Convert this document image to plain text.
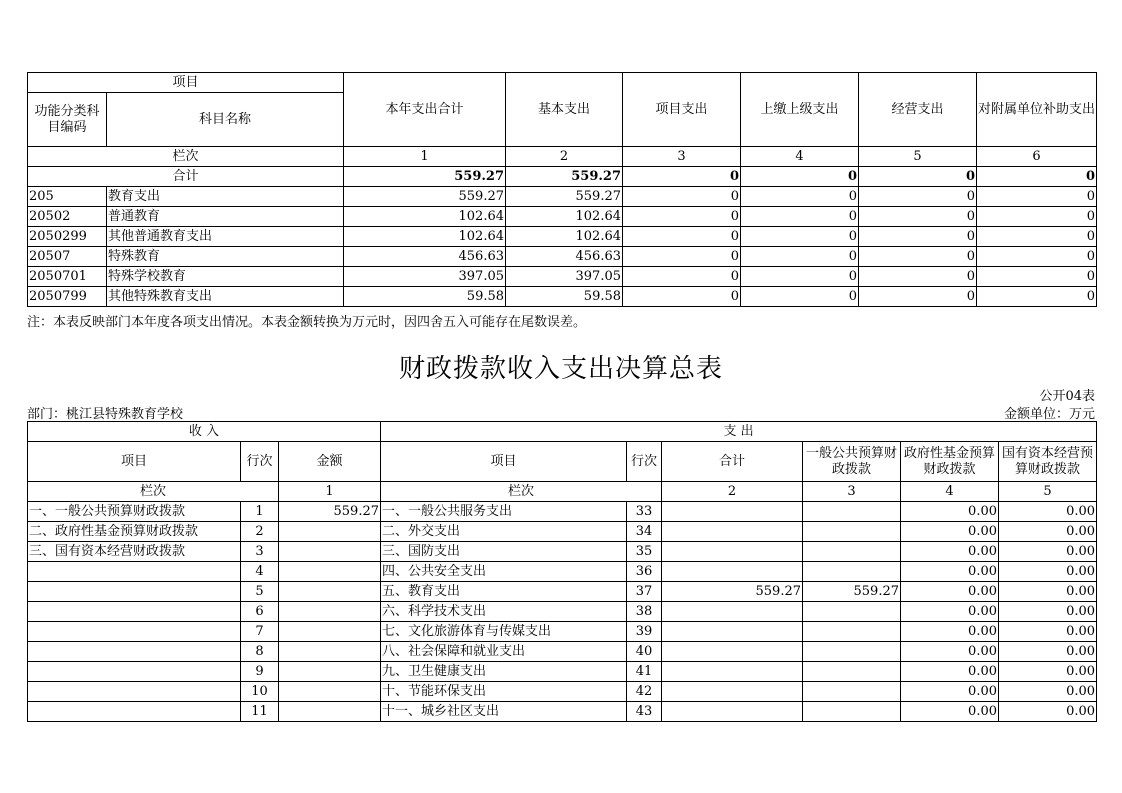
项目		本年支出合计	基本支出	项目支出	上缴上级支出	经营支出	对附属单位补助支出
功能分类科目编码	科目名称						
栏次		1	2	3	4	5	6
合计		559.27	559.27	0	0	0	0
205	教育支出	559.27	559.27	0	0	0	0
20502	普通教育	102.64	102.64	0	0	0	0
2050299	其他普通教育支出	102.64	102.64	0	0	0	0
20507	特殊教育	456.63	456.63	0	0	0	0
2050701	特殊学校教育	397.05	397.05	0	0	0	0
2050799	其他特殊教育支出	59.58	59.58	0	0	0	0
注：本表反映部门本年度各项支出情况。本表金额转换为万元时，因四舍五入可能存在尾数误差。
财政拨款收入支出决算总表
公开04表
部门：桃江县特殊教育学校	金额单位：万元
收 入			支 出					
项目	行次	金额	项目	行次	合计	一般公共预算财政拨款	政府性基金预算财政拨款	国有资本经营预算财政拨款
栏次		1	栏次		2	3	4	5
一、一般公共预算财政拨款	1	559.27	一、一般公共服务支出	33			0.00	0.00
二、政府性基金预算财政拨款	2		二、外交支出	34			0.00	0.00
三、国有资本经营财政拨款	3		三、国防支出	35			0.00	0.00
	4		四、公共安全支出	36			0.00	0.00
	5		五、教育支出	37	559.27	559.27	0.00	0.00
	6		六、科学技术支出	38			0.00	0.00
	7		七、文化旅游体育与传媒支出	39			0.00	0.00
	8		八、社会保障和就业支出	40			0.00	0.00
	9		九、卫生健康支出	41			0.00	0.00
	10		十、节能环保支出	42			0.00	0.00
	11		十一、城乡社区支出	43			0.00	0.00
